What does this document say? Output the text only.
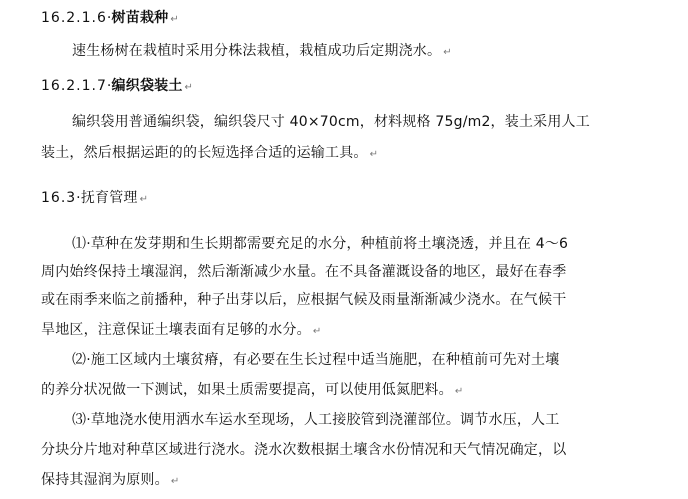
16.2.1.6·树苗栽种 ↵
速生杨树在栽植时采用分株法栽植，栽植成功后定期浇水。 ↵
16.2.1.7·编织袋装土 ↵
编织袋用普通编织袋，编织袋尺寸 40×70cm，材料规格 75g/m2，装土采用人工
装土，然后根据运距的的长短选择合适的运输工具。 ↵
16.3·抚育管理 ↵
⑴·草种在发芽期和生长期都需要充足的水分，种植前将土壤浇透，并且在 4～6
周内始终保持土壤湿润，然后渐渐减少水量。在不具备灌溉设备的地区，最好在春季
或在雨季来临之前播种，种子出芽以后，应根据气候及雨量渐渐减少浇水。在气候干
旱地区，注意保证土壤表面有足够的水分。 ↵
⑵·施工区域内土壤贫瘠，有必要在生长过程中适当施肥，在种植前可先对土壤
的养分状况做一下测试，如果土质需要提高，可以使用低氮肥料。 ↵
⑶·草地浇水使用洒水车运水至现场，人工接胶管到浇灌部位。调节水压，人工
分块分片地对种草区域进行浇水。浇水次数根据土壤含水份情况和天气情况确定，以
保持其湿润为原则。 ↵
